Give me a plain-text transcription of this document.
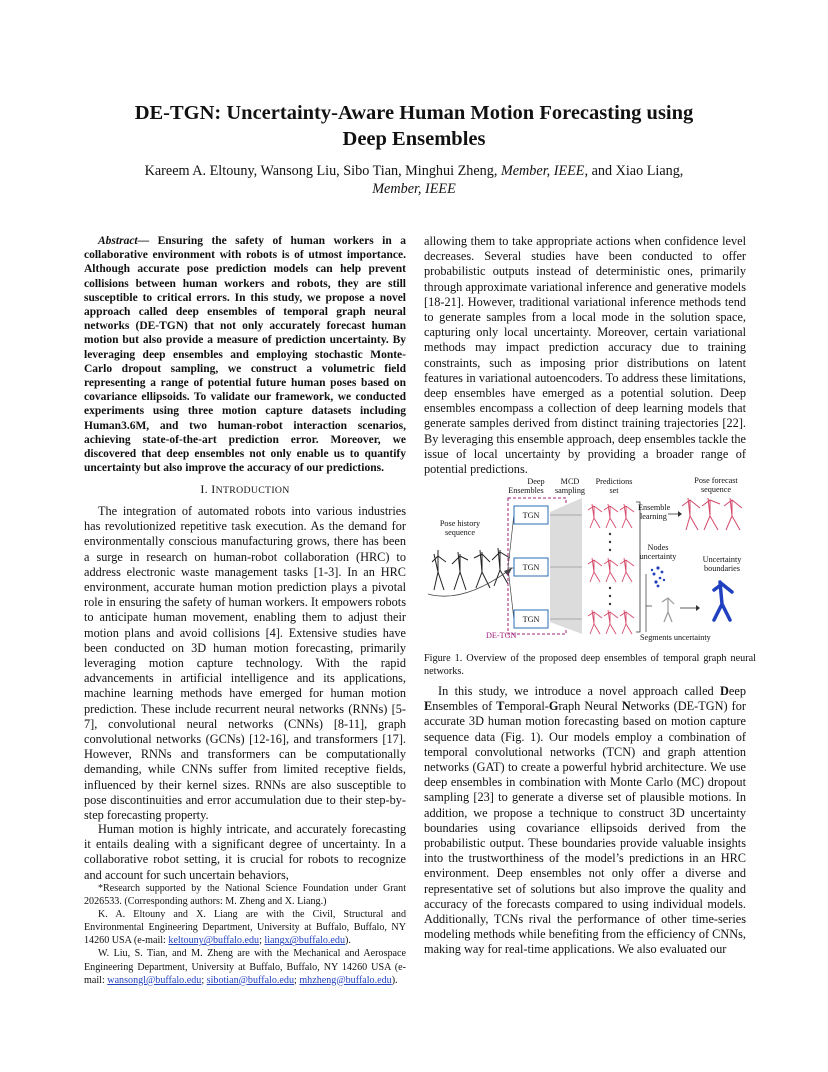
DE-TGN: Uncertainty-Aware Human Motion Forecasting using
Deep Ensembles
Kareem A. Eltouny, Wansong Liu, Sibo Tian, Minghui Zheng, Member, IEEE, and Xiao Liang,
Member, IEEE

Abstract— Ensuring the safety of human workers in a collaborative environment with robots is of utmost importance. Although accurate pose prediction models can help prevent collisions between human workers and robots, they are still susceptible to critical errors. In this study, we propose a novel approach called deep ensembles of temporal graph neural networks (DE-TGN) that not only accurately forecast human motion but also provide a measure of prediction uncertainty. By leveraging deep ensembles and employing stochastic Monte-Carlo dropout sampling, we construct a volumetric field representing a range of potential future human poses based on covariance ellipsoids. To validate our framework, we conducted experiments using three motion capture datasets including Human3.6M, and two human-robot interaction scenarios, achieving state-of-the-art prediction error. Moreover, we discovered that deep ensembles not only enable us to quantify uncertainty but also improve the accuracy of our predictions.

I. INTRODUCTION

The integration of automated robots into various industries has revolutionized repetitive task execution. As the demand for environmentally conscious manufacturing grows, there has been a surge in research on human-robot collaboration (HRC) to address electronic waste management tasks [1-3]. In an HRC environment, accurate human motion prediction plays a pivotal role in ensuring the safety of human workers. It empowers robots to anticipate human movement, enabling them to adjust their motion plans and avoid collisions [4]. Extensive studies have been conducted on 3D human motion forecasting, primarily leveraging motion capture technology. With the rapid advancements in artificial intelligence and its applications, machine learning methods have emerged for human motion prediction. These include recurrent neural networks (RNNs) [5-7], convolutional neural networks (CNNs) [8-11], graph convolutional networks (GCNs) [12-16], and transformers [17]. However, RNNs and transformers can be computationally demanding, while CNNs suffer from limited receptive fields, influenced by their kernel sizes. RNNs are also susceptible to pose discontinuities and error accumulation due to their step-by-step forecasting property.

Human motion is highly intricate, and accurately forecasting it entails dealing with a significant degree of uncertainty. In a collaborative robot setting, it is crucial for robots to recognize and account for such uncertain behaviors,

*Research supported by the National Science Foundation under Grant 2026533. (Corresponding authors: M. Zheng and X. Liang.)

K. A. Eltouny and X. Liang are with the Civil, Structural and Environmental Engineering Department, University at Buffalo, Buffalo, NY 14260 USA (e-mail: keltouny@buffalo.edu; liangx@buffalo.edu).

W. Liu, S. Tian, and M. Zheng are with the Mechanical and Aerospace Engineering Department, University at Buffalo, Buffalo, NY 14260 USA (e-mail: wansongl@buffalo.edu; sibotian@buffalo.edu; mhzheng@buffalo.edu).

allowing them to take appropriate actions when confidence level decreases. Several studies have been conducted to offer probabilistic outputs instead of deterministic ones, primarily through approximate variational inference and generative models [18-21]. However, traditional variational inference methods tend to generate samples from a local mode in the solution space, capturing only local uncertainty. Moreover, certain variational methods may impact prediction accuracy due to training constraints, such as imposing prior distributions on latent features in variational autoencoders. To address these limitations, deep ensembles have emerged as a potential solution. Deep ensembles encompass a collection of deep learning models that generate samples derived from distinct training trajectories [22]. By leveraging this ensemble approach, deep ensembles tackle the issue of local uncertainty by providing a broader range of potential predictions.

Deep
Ensembles
MCD
sampling
Predictions
set
Pose forecast
sequence
Pose history
sequence
DE-TGN
TGN
TGN
TGN
Ensemble
learning
Nodes
uncertainty	Uncertainty
boundaries
Segments uncertainty
Figure 1. Overview of the proposed deep ensembles of temporal graph neural networks.

In this study, we introduce a novel approach called Deep Ensembles of Temporal-Graph Neural Networks (DE-TGN) for accurate 3D human motion forecasting based on motion capture sequence data (Fig. 1). Our models employ a combination of temporal convolutional networks (TCN) and graph attention networks (GAT) to create a powerful hybrid architecture. We use deep ensembles in combination with Monte Carlo (MC) dropout sampling [23] to generate a diverse set of plausible motions. In addition, we propose a technique to construct 3D uncertainty boundaries using covariance ellipsoids derived from the probabilistic output. These boundaries provide valuable insights into the trustworthiness of the model’s predictions in an HRC environment. Deep ensembles not only offer a diverse and representative set of solutions but also improve the quality and accuracy of the forecasts compared to using individual models. Additionally, TCNs rival the performance of other time-series modeling methods while benefiting from the efficiency of CNNs, making way for real-time applications. We also evaluated our
